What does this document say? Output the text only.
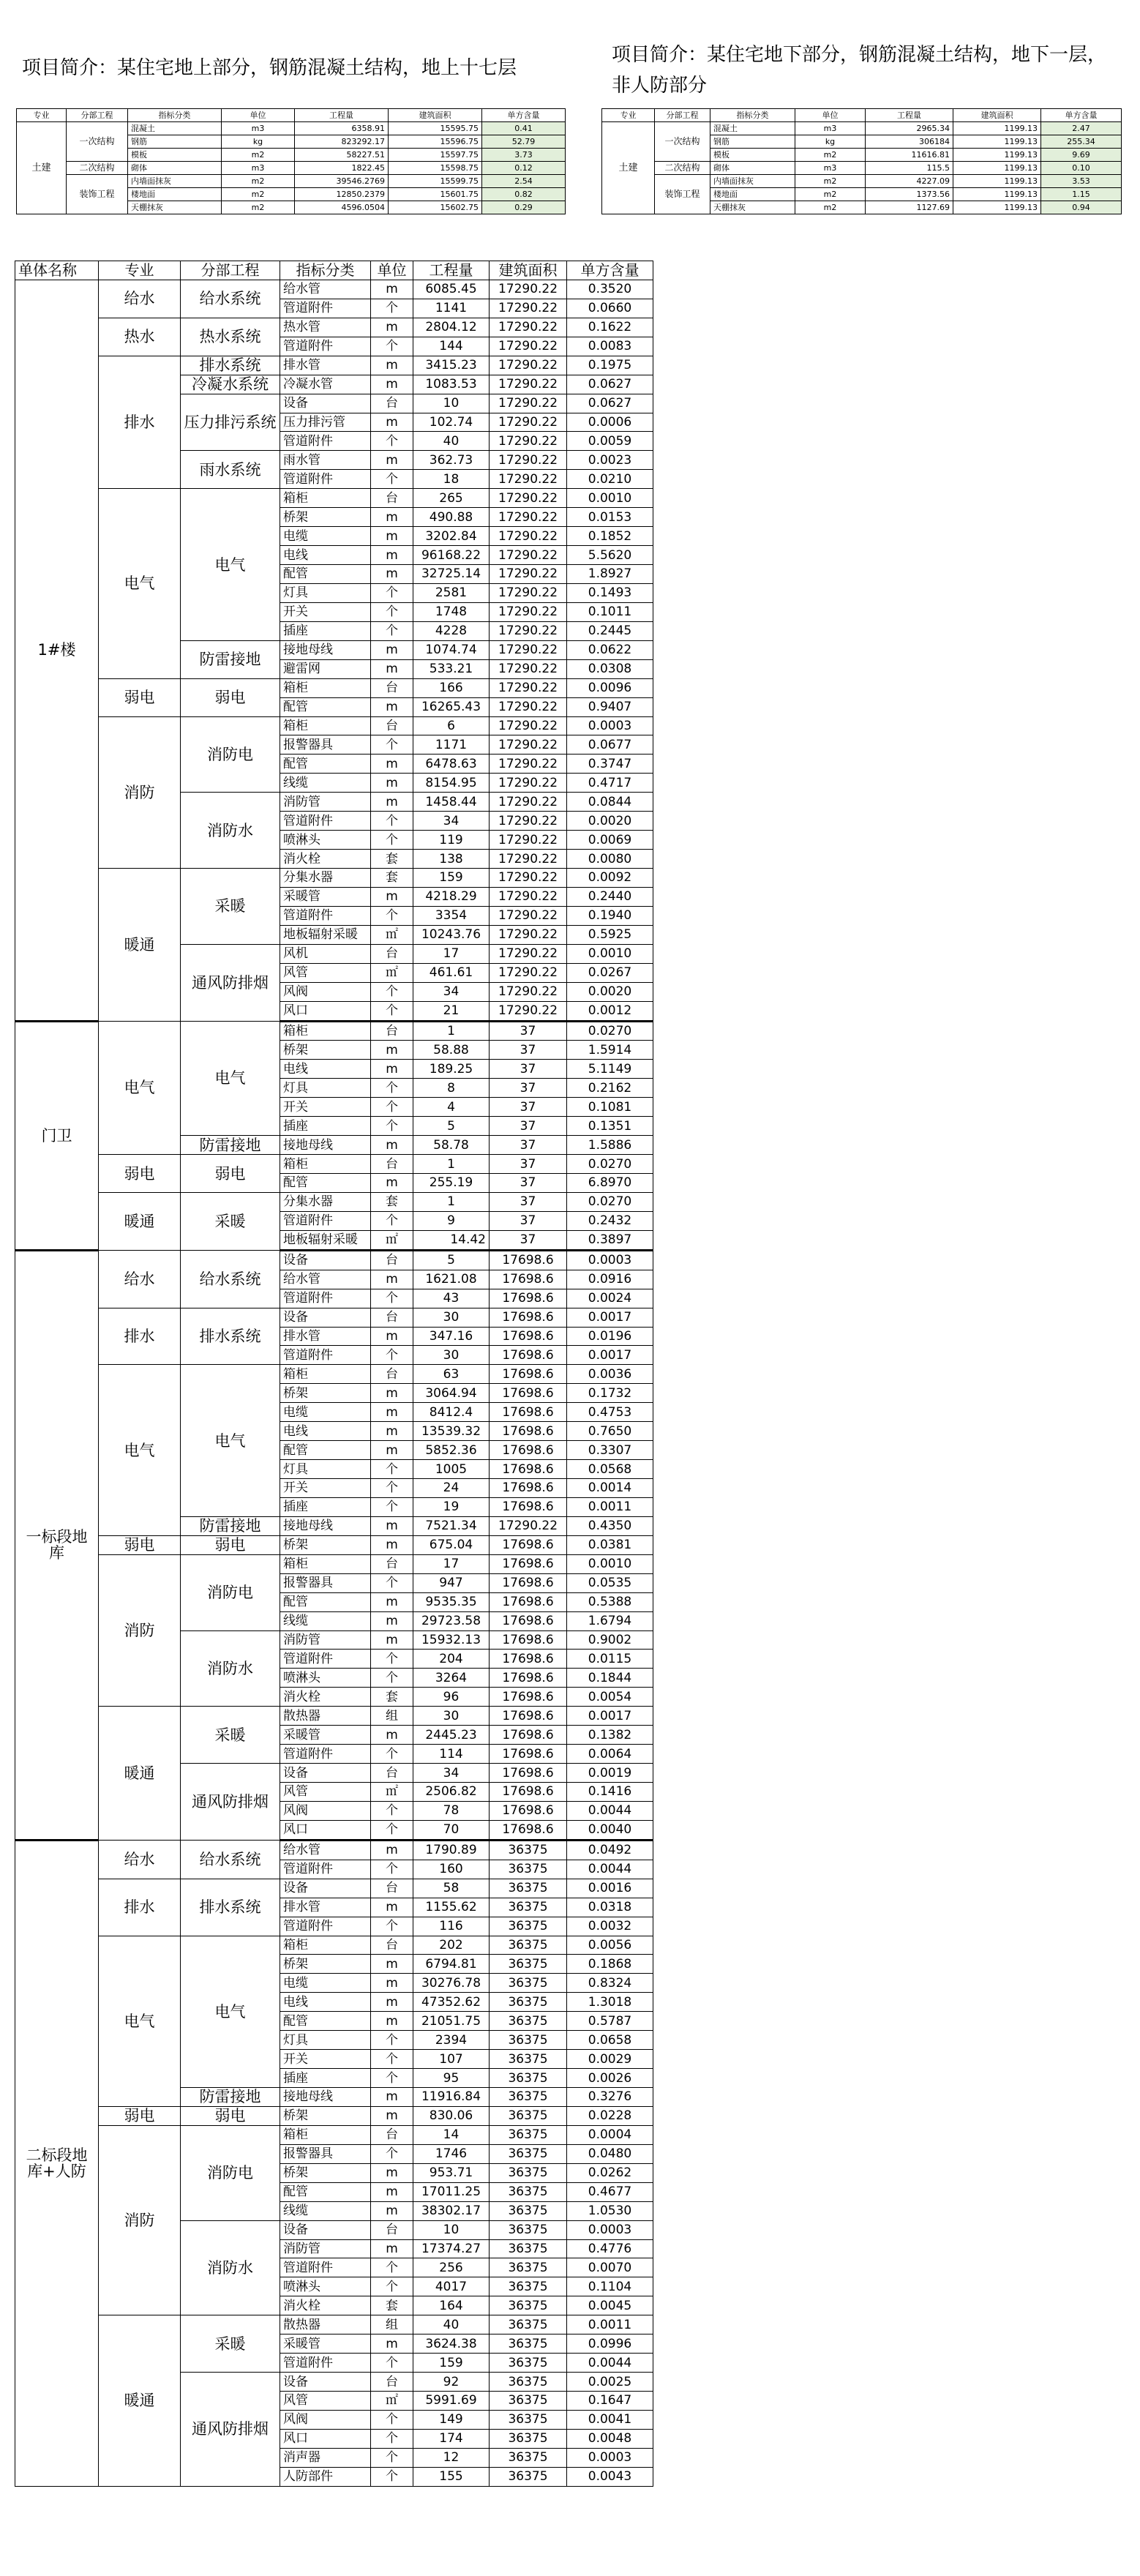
项目简介：某住宅地上部分，钢筋混凝土结构，地上十七层
项目简介：某住宅地下部分，钢筋混凝土结构，地下一层，非人防部分
专业	分部工程	指标分类	单位	工程量	建筑面积	单方含量
土建	一次结构	混凝土	m3	6358.91	15595.75	0.41
		钢筋	kg	823292.17	15596.75	52.79
		模板	m2	58227.51	15597.75	3.73
	二次结构	砌体	m3	1822.45	15598.75	0.12
	装饰工程	内墙面抹灰	m2	39546.2769	15599.75	2.54
		楼地面	m2	12850.2379	15601.75	0.82
		天棚抹灰	m2	4596.0504	15602.75	0.29
专业	分部工程	指标分类	单位	工程量	建筑面积	单方含量
土建	一次结构	混凝土	m3	2965.34	1199.13	2.47
		钢筋	kg	306184	1199.13	255.34
		模板	m2	11616.81	1199.13	9.69
	二次结构	砌体	m3	115.5	1199.13	0.10
	装饰工程	内墙面抹灰	m2	4227.09	1199.13	3.53
		楼地面	m2	1373.56	1199.13	1.15
		天棚抹灰	m2	1127.69	1199.13	0.94
单体名称	专业	分部工程	指标分类	单位	工程量	建筑面积	单方含量
1#楼	给水	给水系统	给水管	m	6085.45	17290.22	0.3520
			管道附件	个	1141	17290.22	0.0660
	热水	热水系统	热水管	m	2804.12	17290.22	0.1622
			管道附件	个	144	17290.22	0.0083
	排水	排水系统	排水管	m	3415.23	17290.22	0.1975
		冷凝水系统	冷凝水管	m	1083.53	17290.22	0.0627
		压力排污系统	设备	台	10	17290.22	0.0627
			压力排污管	m	102.74	17290.22	0.0006
			管道附件	个	40	17290.22	0.0059
		雨水系统	雨水管	m	362.73	17290.22	0.0023
			管道附件	个	18	17290.22	0.0210
	电气	电气	箱柜	台	265	17290.22	0.0010
			桥架	m	490.88	17290.22	0.0153
			电缆	m	3202.84	17290.22	0.1852
			电线	m	96168.22	17290.22	5.5620
			配管	m	32725.14	17290.22	1.8927
			灯具	个	2581	17290.22	0.1493
			开关	个	1748	17290.22	0.1011
			插座	个	4228	17290.22	0.2445
		防雷接地	接地母线	m	1074.74	17290.22	0.0622
			避雷网	m	533.21	17290.22	0.0308
	弱电	弱电	箱柜	台	166	17290.22	0.0096
			配管	m	16265.43	17290.22	0.9407
	消防	消防电	箱柜	台	6	17290.22	0.0003
			报警器具	个	1171	17290.22	0.0677
			配管	m	6478.63	17290.22	0.3747
			线缆	m	8154.95	17290.22	0.4717
		消防水	消防管	m	1458.44	17290.22	0.0844
			管道附件	个	34	17290.22	0.0020
			喷淋头	个	119	17290.22	0.0069
			消火栓	套	138	17290.22	0.0080
	暖通	采暖	分集水器	套	159	17290.22	0.0092
			采暖管	m	4218.29	17290.22	0.2440
			管道附件	个	3354	17290.22	0.1940
			地板辐射采暖	㎡	10243.76	17290.22	0.5925
		通风防排烟	风机	台	17	17290.22	0.0010
			风管	㎡	461.61	17290.22	0.0267
			风阀	个	34	17290.22	0.0020
			风口	个	21	17290.22	0.0012
门卫	电气	电气	箱柜	台	1	37	0.0270
			桥架	m	58.88	37	1.5914
			电线	m	189.25	37	5.1149
			灯具	个	8	37	0.2162
			开关	个	4	37	0.1081
			插座	个	5	37	0.1351
		防雷接地	接地母线	m	58.78	37	1.5886
	弱电	弱电	箱柜	台	1	37	0.0270
			配管	m	255.19	37	6.8970
	暖通	采暖	分集水器	套	1	37	0.0270
			管道附件	个	9	37	0.2432
			地板辐射采暖	㎡	14.42	37	0.3897
一标段地
库	给水	给水系统	设备	台	5	17698.6	0.0003
			给水管	m	1621.08	17698.6	0.0916
			管道附件	个	43	17698.6	0.0024
	排水	排水系统	设备	台	30	17698.6	0.0017
			排水管	m	347.16	17698.6	0.0196
			管道附件	个	30	17698.6	0.0017
	电气	电气	箱柜	台	63	17698.6	0.0036
			桥架	m	3064.94	17698.6	0.1732
			电缆	m	8412.4	17698.6	0.4753
			电线	m	13539.32	17698.6	0.7650
			配管	m	5852.36	17698.6	0.3307
			灯具	个	1005	17698.6	0.0568
			开关	个	24	17698.6	0.0014
			插座	个	19	17698.6	0.0011
		防雷接地	接地母线	m	7521.34	17290.22	0.4350
	弱电	弱电	桥架	m	675.04	17698.6	0.0381
	消防	消防电	箱柜	台	17	17698.6	0.0010
			报警器具	个	947	17698.6	0.0535
			配管	m	9535.35	17698.6	0.5388
			线缆	m	29723.58	17698.6	1.6794
		消防水	消防管	m	15932.13	17698.6	0.9002
			管道附件	个	204	17698.6	0.0115
			喷淋头	个	3264	17698.6	0.1844
			消火栓	套	96	17698.6	0.0054
	暖通	采暖	散热器	组	30	17698.6	0.0017
			采暖管	m	2445.23	17698.6	0.1382
			管道附件	个	114	17698.6	0.0064
		通风防排烟	设备	台	34	17698.6	0.0019
			风管	㎡	2506.82	17698.6	0.1416
			风阀	个	78	17698.6	0.0044
			风口	个	70	17698.6	0.0040
二标段地
库+人防	给水	给水系统	给水管	m	1790.89	36375	0.0492
			管道附件	个	160	36375	0.0044
	排水	排水系统	设备	台	58	36375	0.0016
			排水管	m	1155.62	36375	0.0318
			管道附件	个	116	36375	0.0032
	电气	电气	箱柜	台	202	36375	0.0056
			桥架	m	6794.81	36375	0.1868
			电缆	m	30276.78	36375	0.8324
			电线	m	47352.62	36375	1.3018
			配管	m	21051.75	36375	0.5787
			灯具	个	2394	36375	0.0658
			开关	个	107	36375	0.0029
			插座	个	95	36375	0.0026
		防雷接地	接地母线	m	11916.84	36375	0.3276
	弱电	弱电	桥架	m	830.06	36375	0.0228
	消防	消防电	箱柜	台	14	36375	0.0004
			报警器具	个	1746	36375	0.0480
			桥架	m	953.71	36375	0.0262
			配管	m	17011.25	36375	0.4677
			线缆	m	38302.17	36375	1.0530
		消防水	设备	台	10	36375	0.0003
			消防管	m	17374.27	36375	0.4776
			管道附件	个	256	36375	0.0070
			喷淋头	个	4017	36375	0.1104
			消火栓	套	164	36375	0.0045
	暖通	采暖	散热器	组	40	36375	0.0011
			采暖管	m	3624.38	36375	0.0996
			管道附件	个	159	36375	0.0044
		通风防排烟	设备	台	92	36375	0.0025
			风管	㎡	5991.69	36375	0.1647
			风阀	个	149	36375	0.0041
			风口	个	174	36375	0.0048
			消声器	个	12	36375	0.0003
			人防部件	个	155	36375	0.0043
